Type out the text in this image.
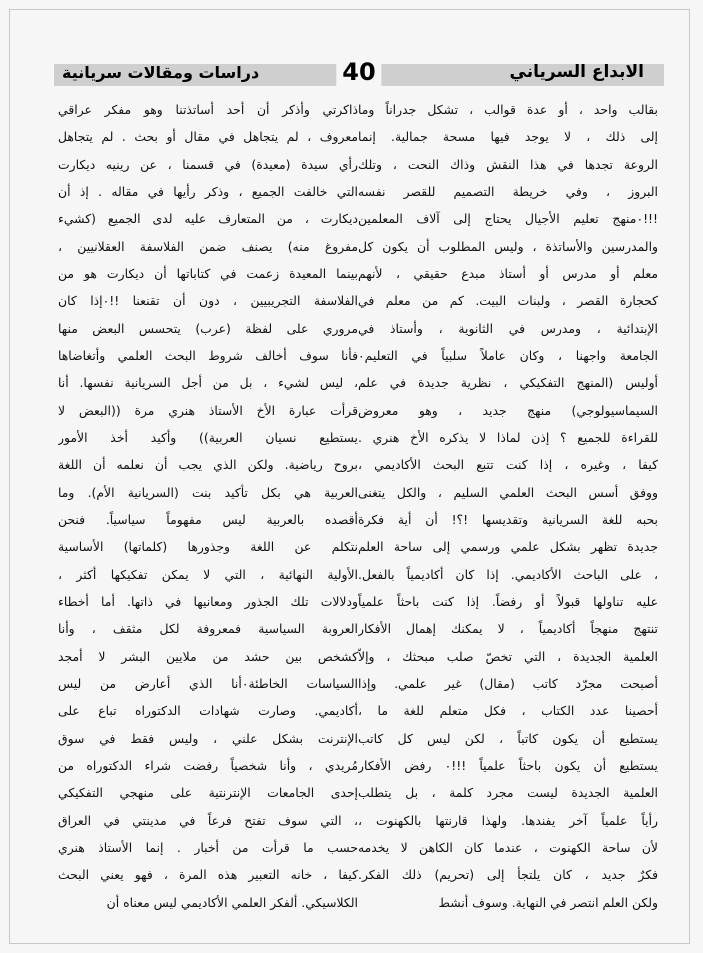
الابداع السرياني
40
دراسات ومقالات سريانية
بقالب واحد ، أو عدة قوالب ، تشكل جدراناً وما
إلى ذلك ، لا يوجد فيها مسحة جمالية. إنما
الروعة تجدها في هذا النقش وذاك النحت ، وتلك
البروز ، وفي خريطة التصميم للقصر نفسه
!!!٠منهج تعليم الأجيال يحتاج إلى آلاف المعلمين
والمدرسين والأساتذة ، وليس المطلوب أن يكون كل
معلم أو مدرس أو أستاذ مبدع حقيقي ، لأنهم
كحجارة القصر ، ولبنات البيت. كم من معلم في
الإبتدائية ، ومدرس في الثانوية ، وأستاذ في
الجامعة واجهنا ، وكان عاملاً سلبياً في التعليم٠
أوليس (المنهج التفكيكي ، نظرية جديدة في علم
السيماسيولوجي) منهج جديد ، وهو معروض
للقراءة للجميع ؟ إذن لماذا لا يذكره الأخ هنري .
كيفا ، وغيره ، إذا كنت تتبع البحث الأكاديمي ،
ووفق أسس البحث العلمي السليم ، والكل يتغنى
بحبه للغة السريانية وتقديسها !؟! أن أية فكرة
جديدة تظهر بشكل علمي ورسمي إلى ساحة العلم
، على الباحث الأكاديمي. إذا كان أكاديمياً بالفعل.
عليه تناولها قبولاً أو رفضاً. إذا كنت باحثاً علمياً
تنتهج منهجاً أكاديمياً ، لا يمكنك إهمال الأفكار
العلمية الجديدة ، التي تخصّ صلب مبحثك ، وإلاّ
أصبحت مجرّد كاتب (مقال) غير علمي. وإذا
أحصينا عدد الكتاب ، فكل متعلم للغة ما ،
يستطيع أن يكون كاتباً ، لكن ليس كل كاتب
يستطيع أن يكون باحثاً علمياً !!!٠ رفض الأفكار
العلمية الجديدة ليست مجرد كلمة ، بل يتطلب
رأياً علمياً آخر يفندها. ولهذا قارنتها بالكهنوت ،
لأن ساحة الكهنوت ، عندما كان الكاهن لا يخدمه
فكرٌ جديد ، كان يلتجأ إلى (تحريم) ذلك الفكر.
ولكن العلم انتصر في النهاية. وسوف أنشط
ذاكرتي وأذكر أن أحد أساتذتنا وهو مفكر عراقي
معروف ، لم يتجاهل في مقال أو بحث . لم يتجاهل
رأي سيدة (معيدة) في قسمنا ، عن رينيه ديكارت
التي خالفت الجميع ، وذكر رأيها في مقاله . إذ أن
ديكارت ، من المتعارف عليه لدى الجميع (كشيء
مفروغ منه) يصنف ضمن الفلاسفة العقلانيين ،
بينما المعيدة زعمت في كتاباتها أن ديكارت هو من
الفلاسفة التجريبيين ، دون أن تقنعنا !!٠إذا كان
مروري على لفظة (عرب) يتحسس البعض منها
فأنا سوف أخالف شروط البحث العلمي وأتغاضاها
، ليس لشيء ، بل من أجل السريانية نفسها. أنا
قرأت عبارة الأخ الأستاذ هنري مرة ((البعض لا
يستطيع نسيان العربية)) وأكيد أخذ الأمور
بروح رياضية. ولكن الذي يجب أن نعلمه أن اللغة
العربية هي بكل تأكيد بنت (السريانية الأم). وما
أقصده بالعربية ليس مفهوماً سياسياً. فنحن
نتكلم عن اللغة وجذورها (كلماتها) الأساسية
الأولية النهائية ، التي لا يمكن تفكيكها أكثر ،
ودلالات تلك الجذور ومعانيها في ذاتها. أما أخطاء
العروبة السياسية فمعروفة لكل مثقف ، وأنا
كشخص بين حشد من ملايين البشر لا أمجد
السياسات الخاطئة٠أنا الذي أعارض من ليس
أكاديمي. وصارت شهادات الدكتوراه تباع على
الإنترنت بشكل علني ، وليس فقط في سوق
مُريدي ، وأنا شخصياً رفضت شراء الدكتوراه من
إحدى الجامعات الإنترنتية على منهجي التفكيكي
، التي سوف تفتح فرعاً في مدينتي في العراق
حسب ما قرأت من أخبار . إنما الأستاذ هنري
كيفا ، خانه التعبير هذه المرة ، فهو يعني البحث
الكلاسيكي. ألفكر العلمي الأكاديمي ليس معناه أن
